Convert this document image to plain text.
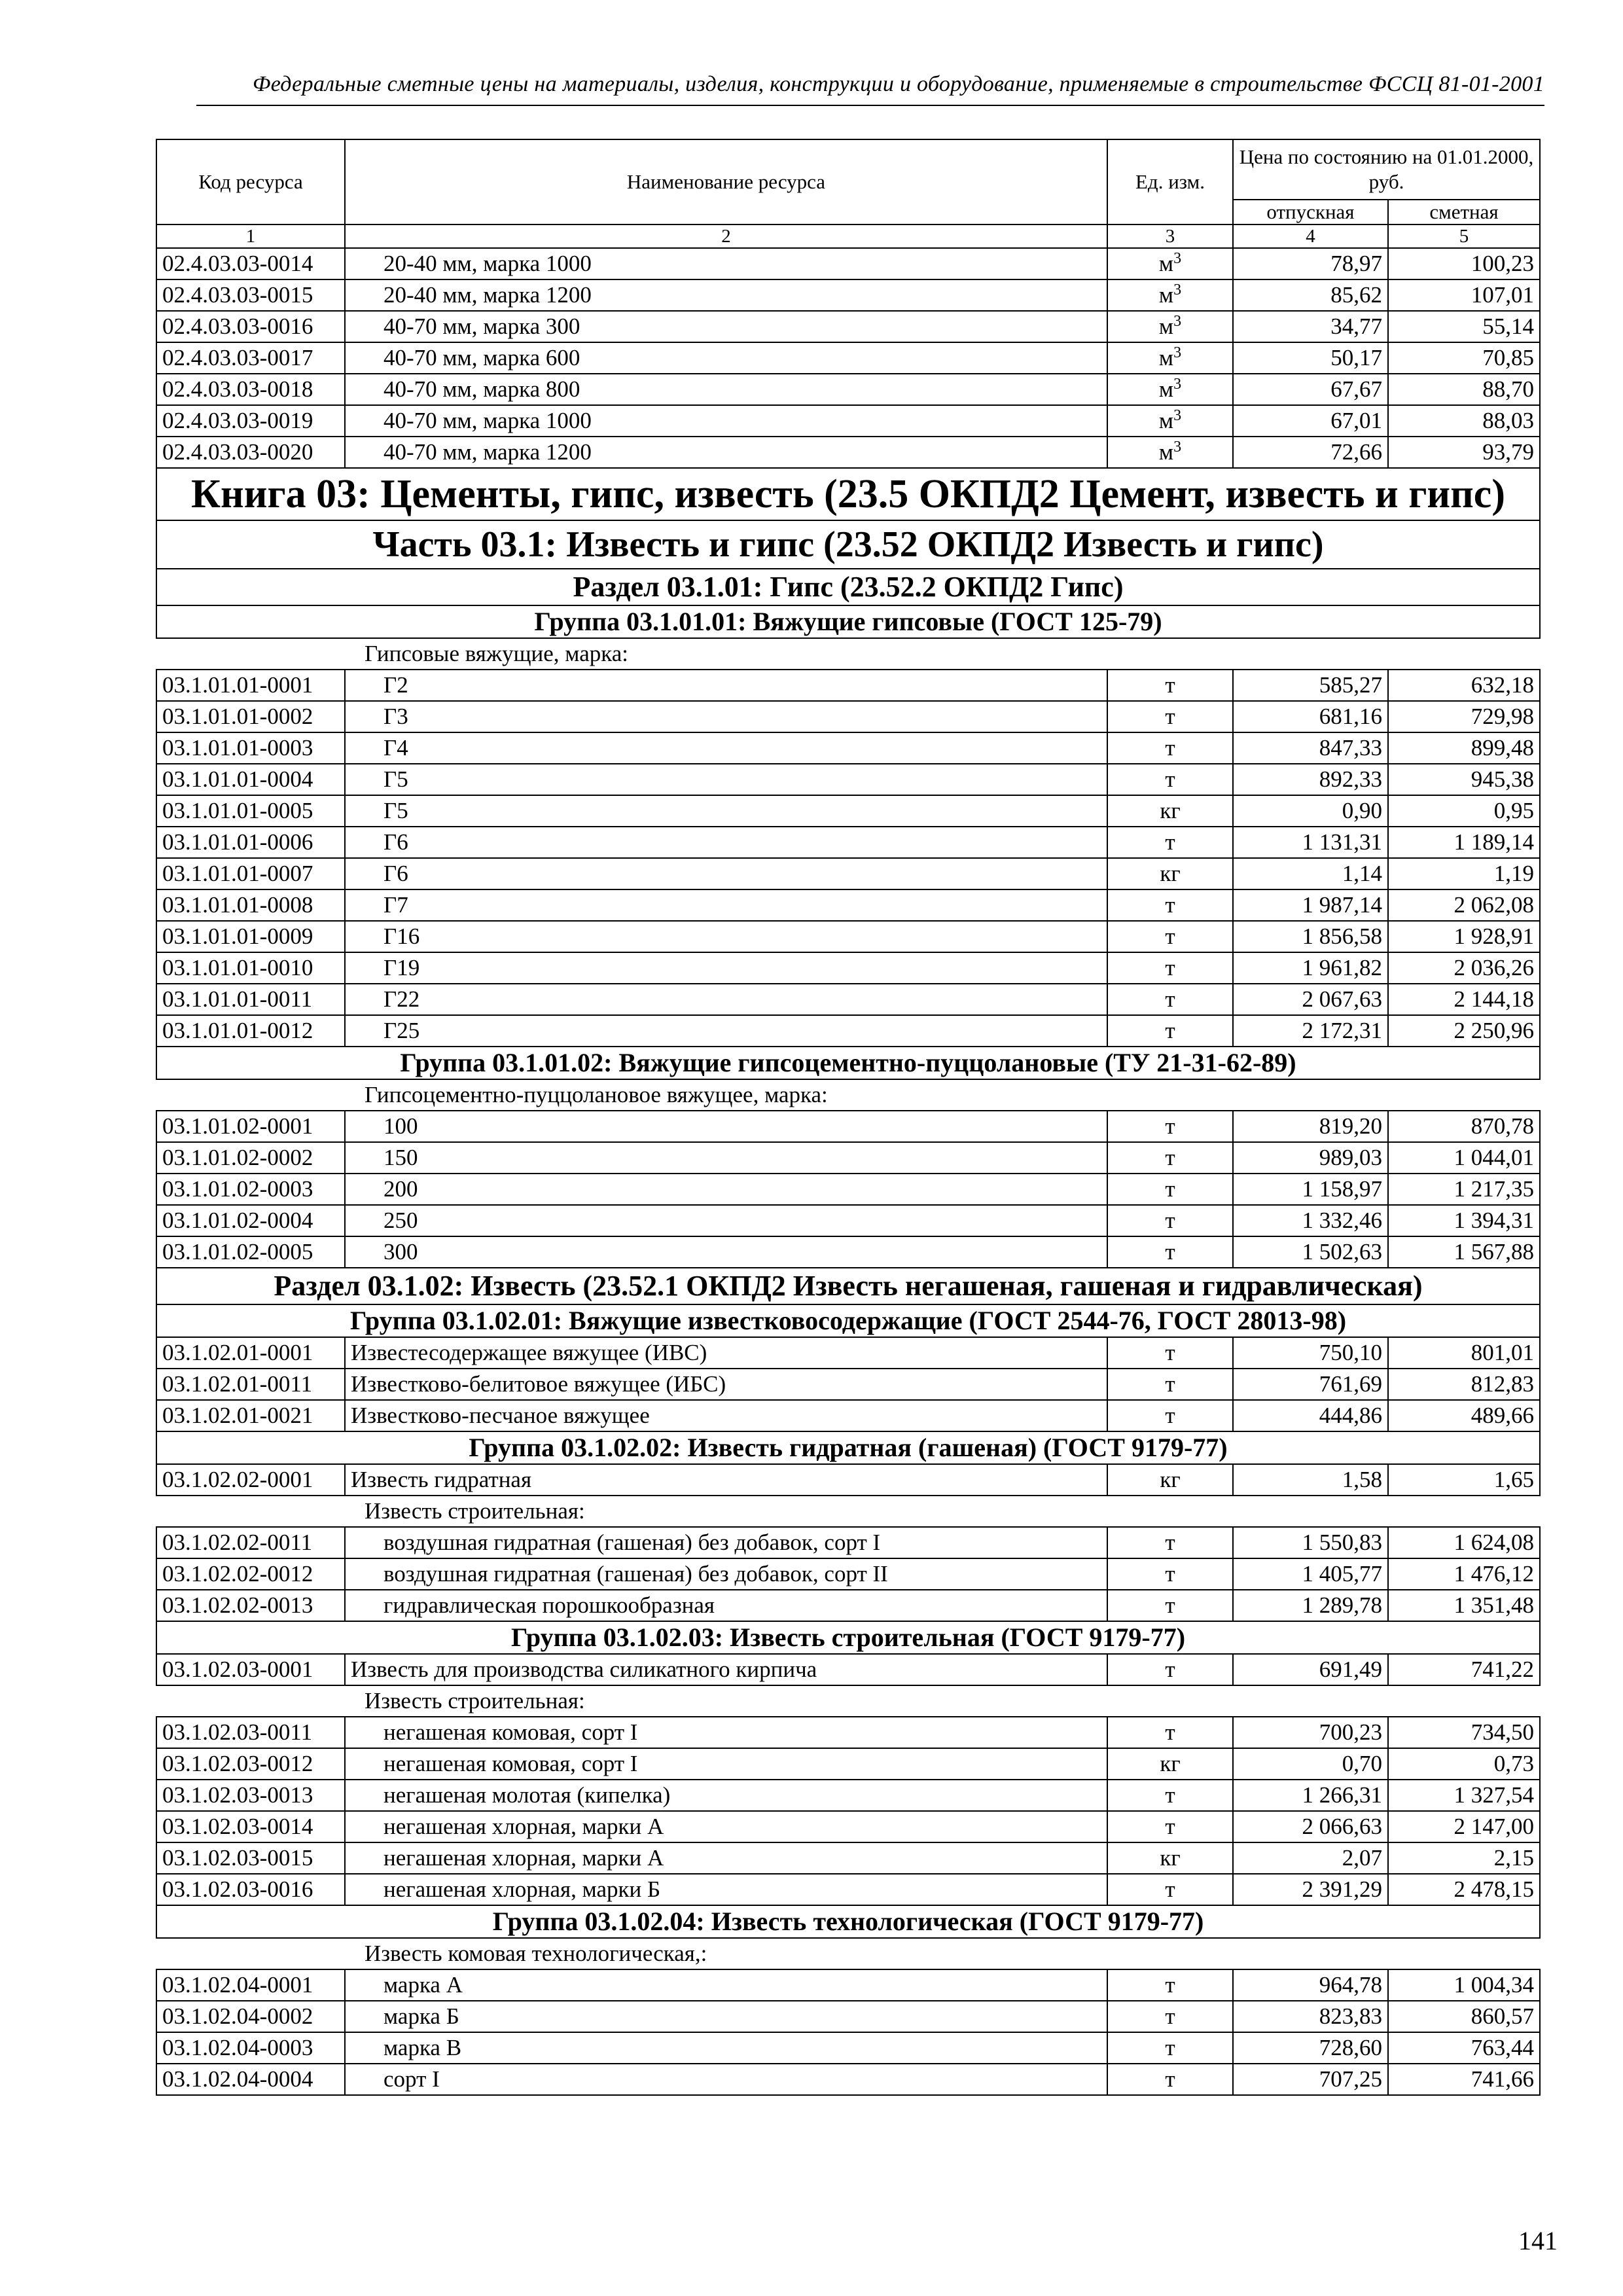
Федеральные сметные цены на материалы, изделия, конструкции и оборудование, применяемые в строительстве ФССЦ 81-01-2001
Код ресурса	Наименование ресурса	Ед. изм.	Цена по состоянию на 01.01.2000, руб.	
			отпускная	сметная
1	2	3	4	5
02.4.03.03-0014	20-40 мм, марка 1000	$м^3$	78,97	100,23
02.4.03.03-0015	20-40 мм, марка 1200	$м^3$	85,62	107,01
02.4.03.03-0016	40-70 мм, марка 300	$м^3$	34,77	55,14
02.4.03.03-0017	40-70 мм, марка 600	$м^3$	50,17	70,85
02.4.03.03-0018	40-70 мм, марка 800	$м^3$	67,67	88,70
02.4.03.03-0019	40-70 мм, марка 1000	$м^3$	67,01	88,03
02.4.03.03-0020	40-70 мм, марка 1200	$м^3$	72,66	93,79
Книга 03: Цементы, гипс, известь (23.5 ОКПД2 Цемент, известь и гипс)				
Часть 03.1: Известь и гипс (23.52 ОКПД2 Известь и гипс)				
Раздел 03.1.01: Гипс (23.52.2 ОКПД2 Гипс)				
Группа 03.1.01.01: Вяжущие гипсовые (ГОСТ 125-79)				
Гипсовые вяжущие, марка:				
03.1.01.01-0001	Г2	т	585,27	632,18
03.1.01.01-0002	Г3	т	681,16	729,98
03.1.01.01-0003	Г4	т	847,33	899,48
03.1.01.01-0004	Г5	т	892,33	945,38
03.1.01.01-0005	Г5	кг	0,90	0,95
03.1.01.01-0006	Г6	т	1 131,31	1 189,14
03.1.01.01-0007	Г6	кг	1,14	1,19
03.1.01.01-0008	Г7	т	1 987,14	2 062,08
03.1.01.01-0009	Г16	т	1 856,58	1 928,91
03.1.01.01-0010	Г19	т	1 961,82	2 036,26
03.1.01.01-0011	Г22	т	2 067,63	2 144,18
03.1.01.01-0012	Г25	т	2 172,31	2 250,96
Группа 03.1.01.02: Вяжущие гипсоцементно-пуццолановые (ТУ 21-31-62-89)				
Гипсоцементно-пуццолановое вяжущее, марка:				
03.1.01.02-0001	100	т	819,20	870,78
03.1.01.02-0002	150	т	989,03	1 044,01
03.1.01.02-0003	200	т	1 158,97	1 217,35
03.1.01.02-0004	250	т	1 332,46	1 394,31
03.1.01.02-0005	300	т	1 502,63	1 567,88
Раздел 03.1.02: Известь (23.52.1 ОКПД2 Известь негашеная, гашеная и гидравлическая)				
Группа 03.1.02.01: Вяжущие известковосодержащие (ГОСТ 2544-76, ГОСТ 28013-98)				
03.1.02.01-0001	Известесодержащее вяжущее (ИВС)	т	750,10	801,01
03.1.02.01-0011	Известково-белитовое вяжущее (ИБС)	т	761,69	812,83
03.1.02.01-0021	Известково-песчаное вяжущее	т	444,86	489,66
Группа 03.1.02.02: Известь гидратная (гашеная) (ГОСТ 9179-77)				
03.1.02.02-0001	Известь гидратная	кг	1,58	1,65
Известь строительная:				
03.1.02.02-0011	воздушная гидратная (гашеная) без добавок, сорт I	т	1 550,83	1 624,08
03.1.02.02-0012	воздушная гидратная (гашеная) без добавок, сорт II	т	1 405,77	1 476,12
03.1.02.02-0013	гидравлическая порошкообразная	т	1 289,78	1 351,48
Группа 03.1.02.03: Известь строительная (ГОСТ 9179-77)				
03.1.02.03-0001	Известь для производства силикатного кирпича	т	691,49	741,22
Известь строительная:				
03.1.02.03-0011	негашеная комовая, сорт I	т	700,23	734,50
03.1.02.03-0012	негашеная комовая, сорт I	кг	0,70	0,73
03.1.02.03-0013	негашеная молотая (кипелка)	т	1 266,31	1 327,54
03.1.02.03-0014	негашеная хлорная, марки А	т	2 066,63	2 147,00
03.1.02.03-0015	негашеная хлорная, марки А	кг	2,07	2,15
03.1.02.03-0016	негашеная хлорная, марки Б	т	2 391,29	2 478,15
Группа 03.1.02.04: Известь технологическая (ГОСТ 9179-77)				
Известь комовая технологическая,:				
03.1.02.04-0001	марка А	т	964,78	1 004,34
03.1.02.04-0002	марка Б	т	823,83	860,57
03.1.02.04-0003	марка В	т	728,60	763,44
03.1.02.04-0004	сорт I	т	707,25	741,66
141
